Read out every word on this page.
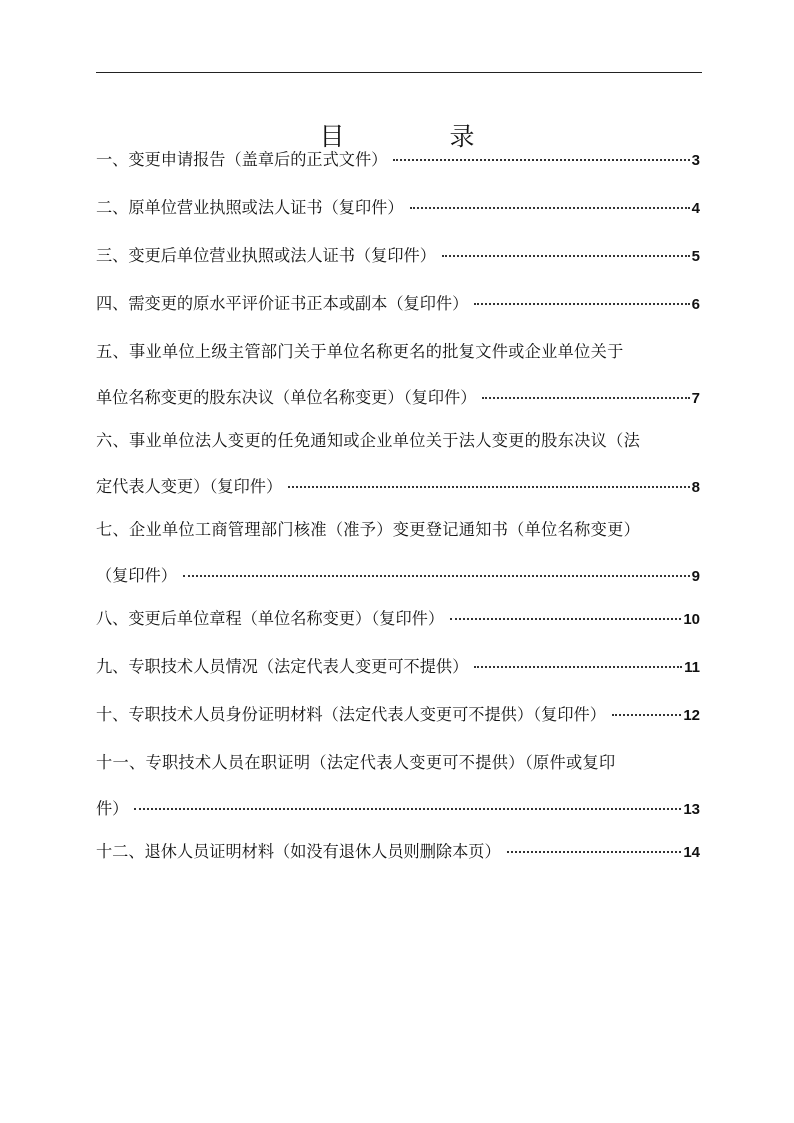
目　录
一、变更申请报告（盖章后的正式文件）	3
二、原单位营业执照或法人证书（复印件）	4
三、变更后单位营业执照或法人证书（复印件）	5
四、需变更的原水平评价证书正本或副本（复印件）	6
五、事业单位上级主管部门关于单位名称更名的批复文件或企业单位关于
单位名称变更的股东决议（单位名称变更）（复印件）	7
六、事业单位法人变更的任免通知或企业单位关于法人变更的股东决议（法
定代表人变更）（复印件）	8
七、企业单位工商管理部门核准（准予）变更登记通知书（单位名称变更）
（复印件）	9
八、变更后单位章程（单位名称变更）（复印件）	10
九、专职技术人员情况（法定代表人变更可不提供）	11
十、专职技术人员身份证明材料（法定代表人变更可不提供）（复印件）	12
十一、专职技术人员在职证明（法定代表人变更可不提供）（原件或复印
件）	13
十二、退休人员证明材料（如没有退休人员则删除本页）	14
